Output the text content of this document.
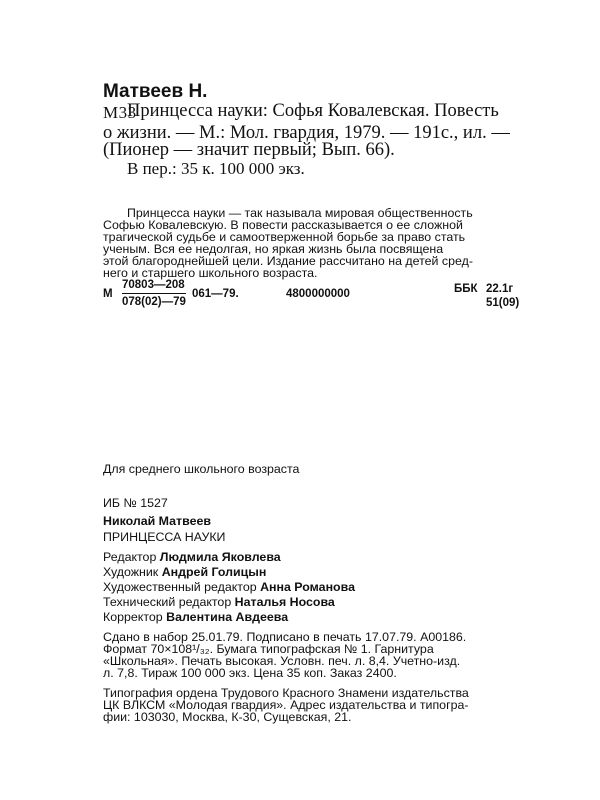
Матвеев Н.
М33
Принцесса науки: Софья Ковалевская. Повесть
о жизни. — М.: Мол. гвардия, 1979. — 191с., ил. —
(Пионер — значит первый; Вып. 66).
В пер.: 35 к. 100 000 экз.
Принцесса науки — так называла мировая общественность
Софью Ковалевскую. В повести рассказывается о ее сложной
трагической судьбе и самоотверженной борьбе за право стать
ученым. Вся ее недолгая, но яркая жизнь была посвящена
этой благороднейшей цели. Издание рассчитано на детей сред-
него и старшего школьного возраста.
М $\frac{70803—208}{078(02)—79}$ 061—79.	4800000000	ББК 22.1г
51(09)
Для среднего школьного возраста
ИБ № 1527
Николай Матвеев
ПРИНЦЕССА НАУКИ
Редактор Людмила Яковлева
Художник Андрей Голицын
Художественный редактор Анна Романова
Технический редактор Наталья Носова
Корректор Валентина Авдеева
Сдано в набор 25.01.79. Подписано в печать 17.07.79. А00186.
Формат 70×108¹/₃₂. Бумага типографская № 1. Гарнитура
«Школьная». Печать высокая. Условн. печ. л. 8,4. Учетно-изд.
л. 7,8. Тираж 100 000 экз. Цена 35 коп. Заказ 2400.
Типография ордена Трудового Красного Знамени издательства
ЦК ВЛКСМ «Молодая гвардия». Адрес издательства и типогра-
фии: 103030, Москва, К-30, Сущевская, 21.
